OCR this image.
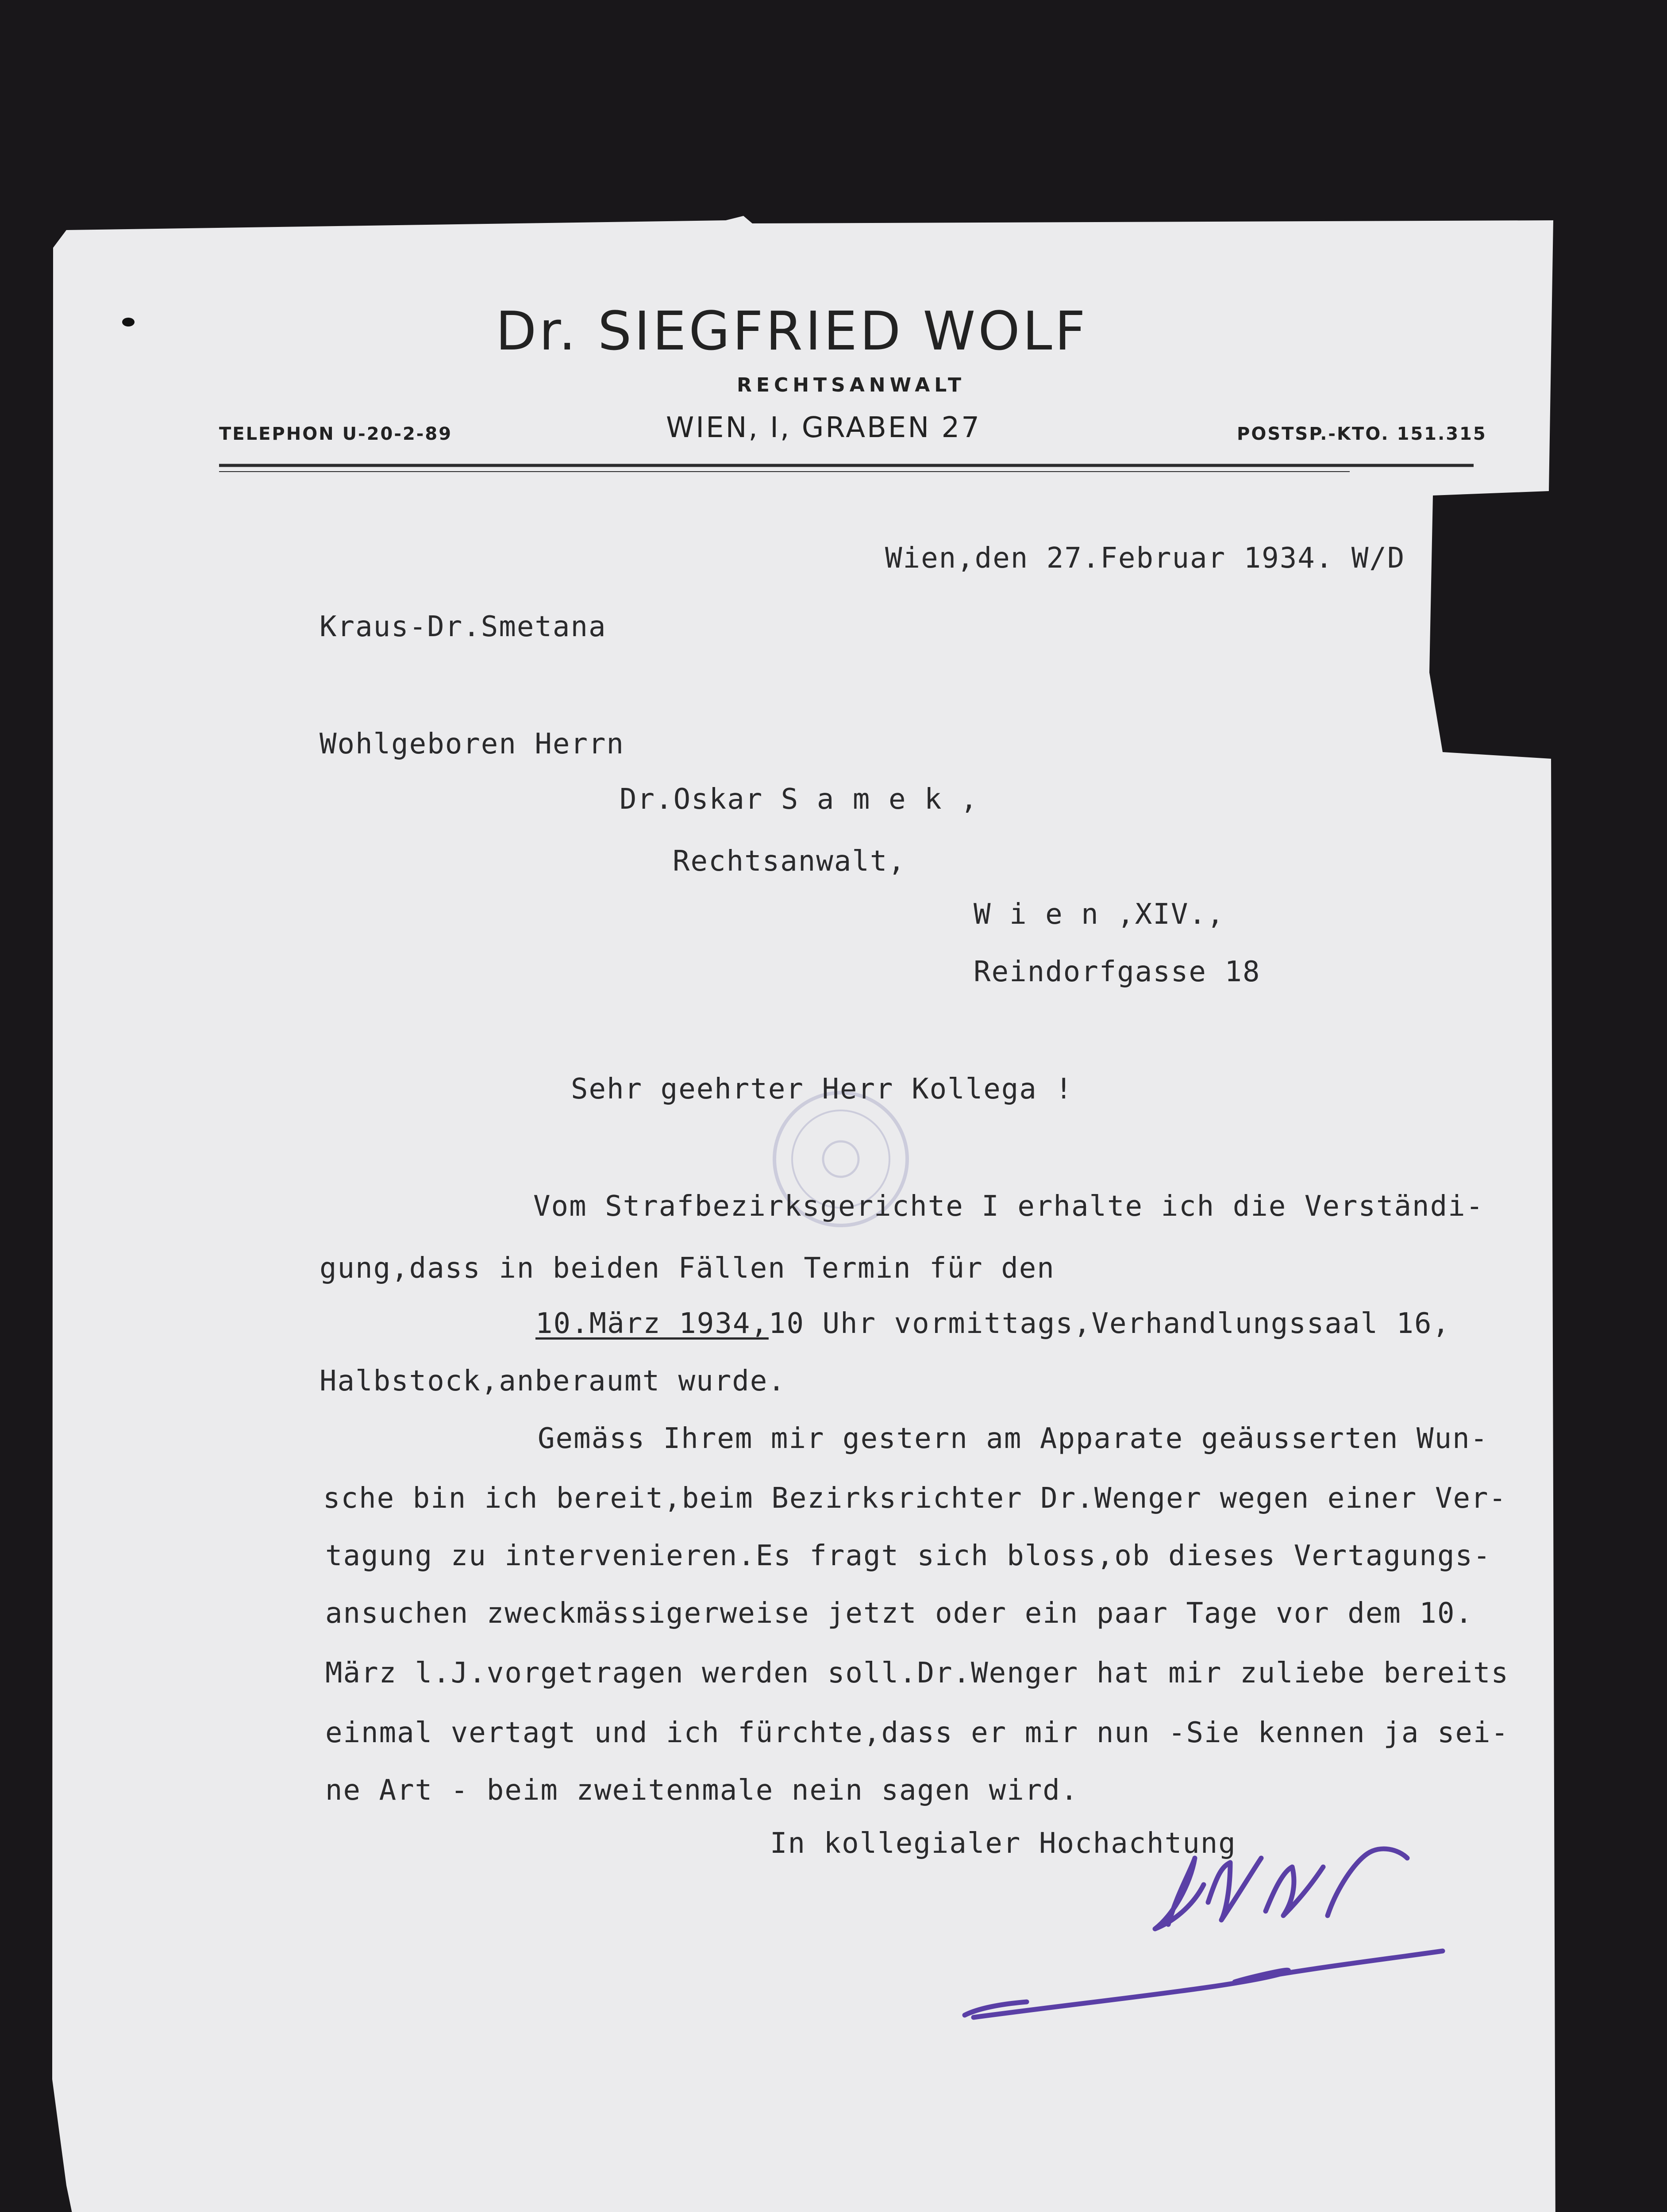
Dr. SIEGFRIED WOLF
RECHTSANWALT
WIEN, I, GRABEN 27
TELEPHON U-20-2-89	POSTSP.-KTO. 151.315
Wien,den 27.Februar 1934. W/D
Kraus-Dr.Smetana
Wohlgeboren Herrn
Dr.Oskar S a m e k ,
Rechtsanwalt,
W i e n ,XIV.,
Reindorfgasse 18
Sehr geehrter Herr Kollega !
Vom Strafbezirksgerichte I erhalte ich die Verständi-
gung,dass in beiden Fällen Termin für den
10.März 1934,10 Uhr vormittags,Verhandlungssaal 16,
Halbstock,anberaumt wurde.
Gemäss Ihrem mir gestern am Apparate geäusserten Wun-
sche bin ich bereit,beim Bezirksrichter Dr.Wenger wegen einer Ver-
tagung zu intervenieren.Es fragt sich bloss,ob dieses Vertagungs-
ansuchen zweckmässigerweise jetzt oder ein paar Tage vor dem 10.
März l.J.vorgetragen werden soll.Dr.Wenger hat mir zuliebe bereits
einmal vertagt und ich fürchte,dass er mir nun -Sie kennen ja sei-
ne Art - beim zweitenmale nein sagen wird.
In kollegialer Hochachtung
